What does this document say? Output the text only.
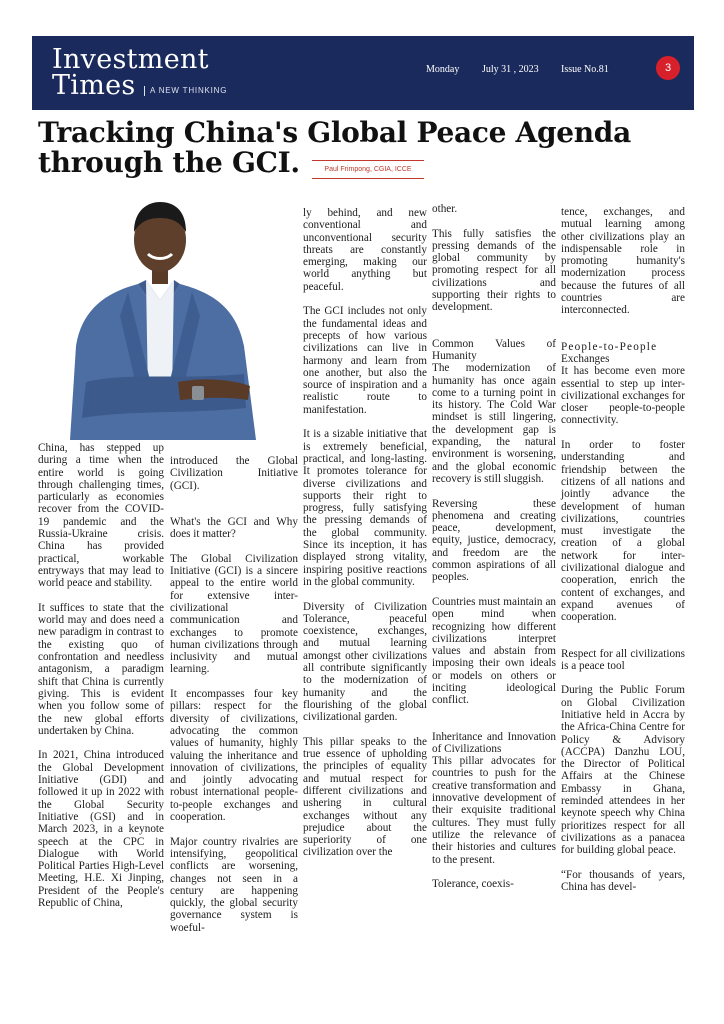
Investment
Times	A NEW THINKING
Monday July 31 , 2023 Issue No.81	3
Tracking China's Global Peace Agenda through the GCI.	Paul Frimpong, CGIA, ICCE

China, has stepped up during a time when the entire world is going through challenging times, particularly as economies recover from the COVID-19 pandemic and the Russia-Ukraine crisis. China has provided practical, workable entryways that may lead to world peace and stability.

It suffices to state that the world may and does need a new paradigm in contrast to the existing quo of confrontation and needless antagonism, a paradigm shift that China is currently giving. This is evident when you follow some of the new global efforts undertaken by China.

In 2021, China introduced the Global Development Initiative (GDI) and followed it up in 2022 with the Global Security Initiative (GSI) and in March 2023, in a keynote speech at the CPC in Dialogue with World Political Parties High-Level Meeting, H.E. Xi Jinping, President of the People's Republic of China,

introduced the Global Civilization Initiative (GCI).

What's the GCI and Why does it matter?

The Global Civilization Initiative (GCI) is a sincere appeal to the entire world for extensive inter-civilizational communication and exchanges to promote human civilizations through inclusivity and mutual learning.

It encompasses four key pillars: respect for the diversity of civilizations, advocating the common values of humanity, highly valuing the inheritance and innovation of civilizations, and jointly advocating robust international people-to-people exchanges and cooperation.

Major country rivalries are intensifying, geopolitical conflicts are worsening, changes not seen in a century are happening quickly, the global security governance system is woeful-

ly behind, and new conventional and unconventional security threats are constantly emerging, making our world anything but peaceful.

The GCI includes not only the fundamental ideas and precepts of how various civilizations can live in harmony and learn from one another, but also the source of inspiration and a realistic route to manifestation.

It is a sizable initiative that is extremely beneficial, practical, and long-lasting. It promotes tolerance for diverse civilizations and supports their right to progress, fully satisfying the pressing demands of the global community. Since its inception, it has displayed strong vitality, inspiring positive reactions in the global community.

Diversity of Civilization Tolerance, peaceful coexistence, exchanges, and mutual learning amongst other civilizations all contribute significantly to the modernization of humanity and the flourishing of the global civilizational garden.

This pillar speaks to the true essence of upholding the principles of equality and mutual respect for different civilizations and ushering in cultural exchanges without any prejudice about the superiority of one civilization over the

other.

This fully satisfies the pressing demands of the global community by promoting respect for all civilizations and supporting their rights to development.

Common Values of Humanity

The modernization of humanity has once again come to a turning point in its history. The Cold War mindset is still lingering, the development gap is expanding, the natural environment is worsening, and the global economic recovery is still sluggish.

Reversing these phenomena and creating peace, development, equity, justice, democracy, and freedom are the common aspirations of all peoples.

Countries must maintain an open mind when recognizing how different civilizations interpret values and abstain from imposing their own ideals or models on others or inciting ideological conflict.

Inheritance and Innovation of Civilizations

This pillar advocates for countries to push for the creative transformation and innovative development of their exquisite traditional cultures. They must fully utilize the relevance of their histories and cultures to the present.

Tolerance, coexis-

tence, exchanges, and mutual learning among other civilizations play an indispensable role in promoting humanity's modernization process because the futures of all countries are interconnected.

People-to-People

Exchanges

It has become even more essential to step up inter-civilizational exchanges for closer people-to-people connectivity.

In order to foster understanding and friendship between the citizens of all nations and jointly advance the development of human civilizations, countries must investigate the creation of a global network for inter-civilizational dialogue and cooperation, enrich the content of exchanges, and expand avenues of cooperation.

Respect for all civilizations is a peace tool

During the Public Forum on Global Civilization Initiative held in Accra by the Africa-China Centre for Policy & Advisory (ACCPA) Danzhu LOU, the Director of Political Affairs at the Chinese Embassy in Ghana, reminded attendees in her keynote speech why China prioritizes respect for all civilizations as a panacea for building global peace.

“For thousands of years, China has devel-
